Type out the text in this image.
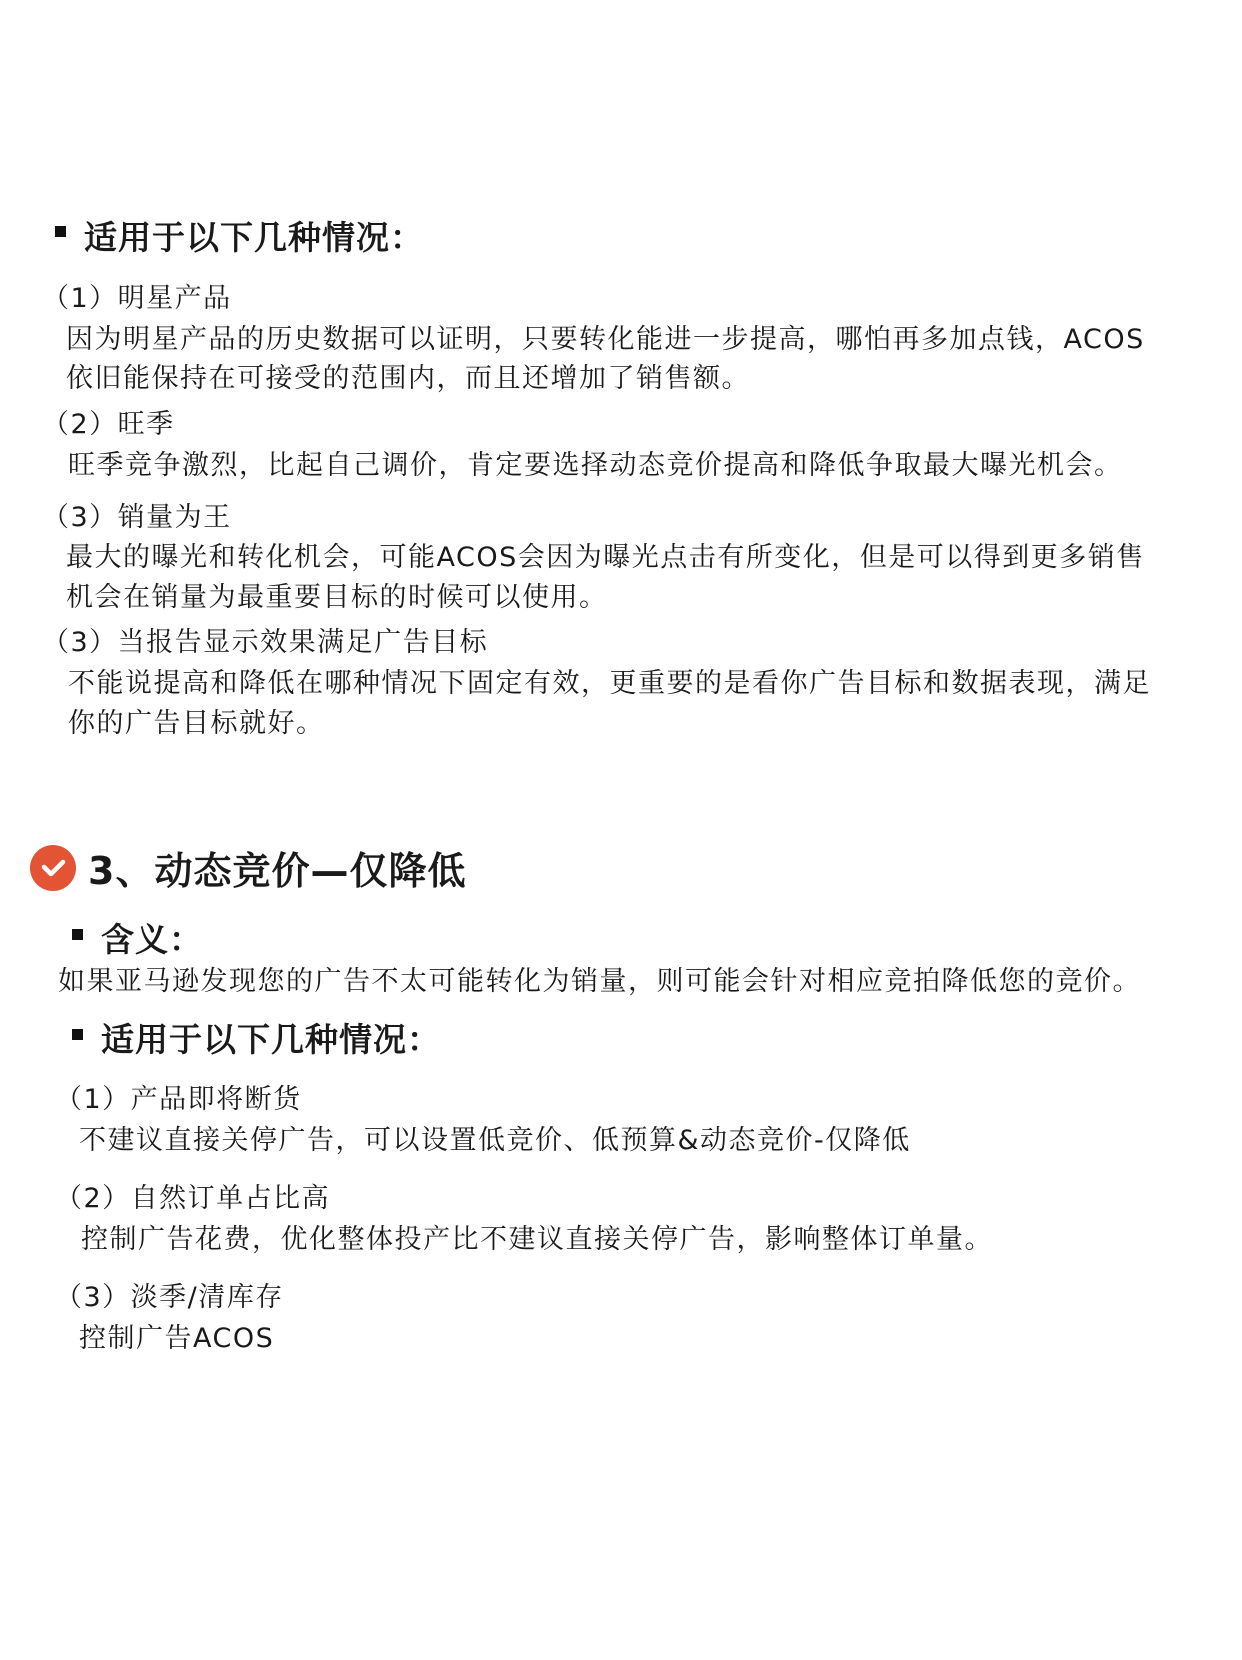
适用于以下几种情况：
（1）明星产品
因为明星产品的历史数据可以证明，只要转化能进一步提高，哪怕再多加点钱，ACOS
依旧能保持在可接受的范围内，而且还增加了销售额。
（2）旺季
旺季竞争激烈，比起自己调价，肯定要选择动态竞价提高和降低争取最大曝光机会。
（3）销量为王
最大的曝光和转化机会，可能ACOS会因为曝光点击有所变化，但是可以得到更多销售
机会在销量为最重要目标的时候可以使用。
（3）当报告显示效果满足广告目标
不能说提高和降低在哪种情况下固定有效，更重要的是看你广告目标和数据表现，满足
你的广告目标就好。
3、动态竞价—仅降低
含义：
如果亚马逊发现您的广告不太可能转化为销量，则可能会针对相应竞拍降低您的竞价。
适用于以下几种情况：
（1）产品即将断货
不建议直接关停广告，可以设置低竞价、低预算&动态竞价-仅降低
（2）自然订单占比高
控制广告花费，优化整体投产比不建议直接关停广告，影响整体订单量。
（3）淡季/清库存
控制广告ACOS
